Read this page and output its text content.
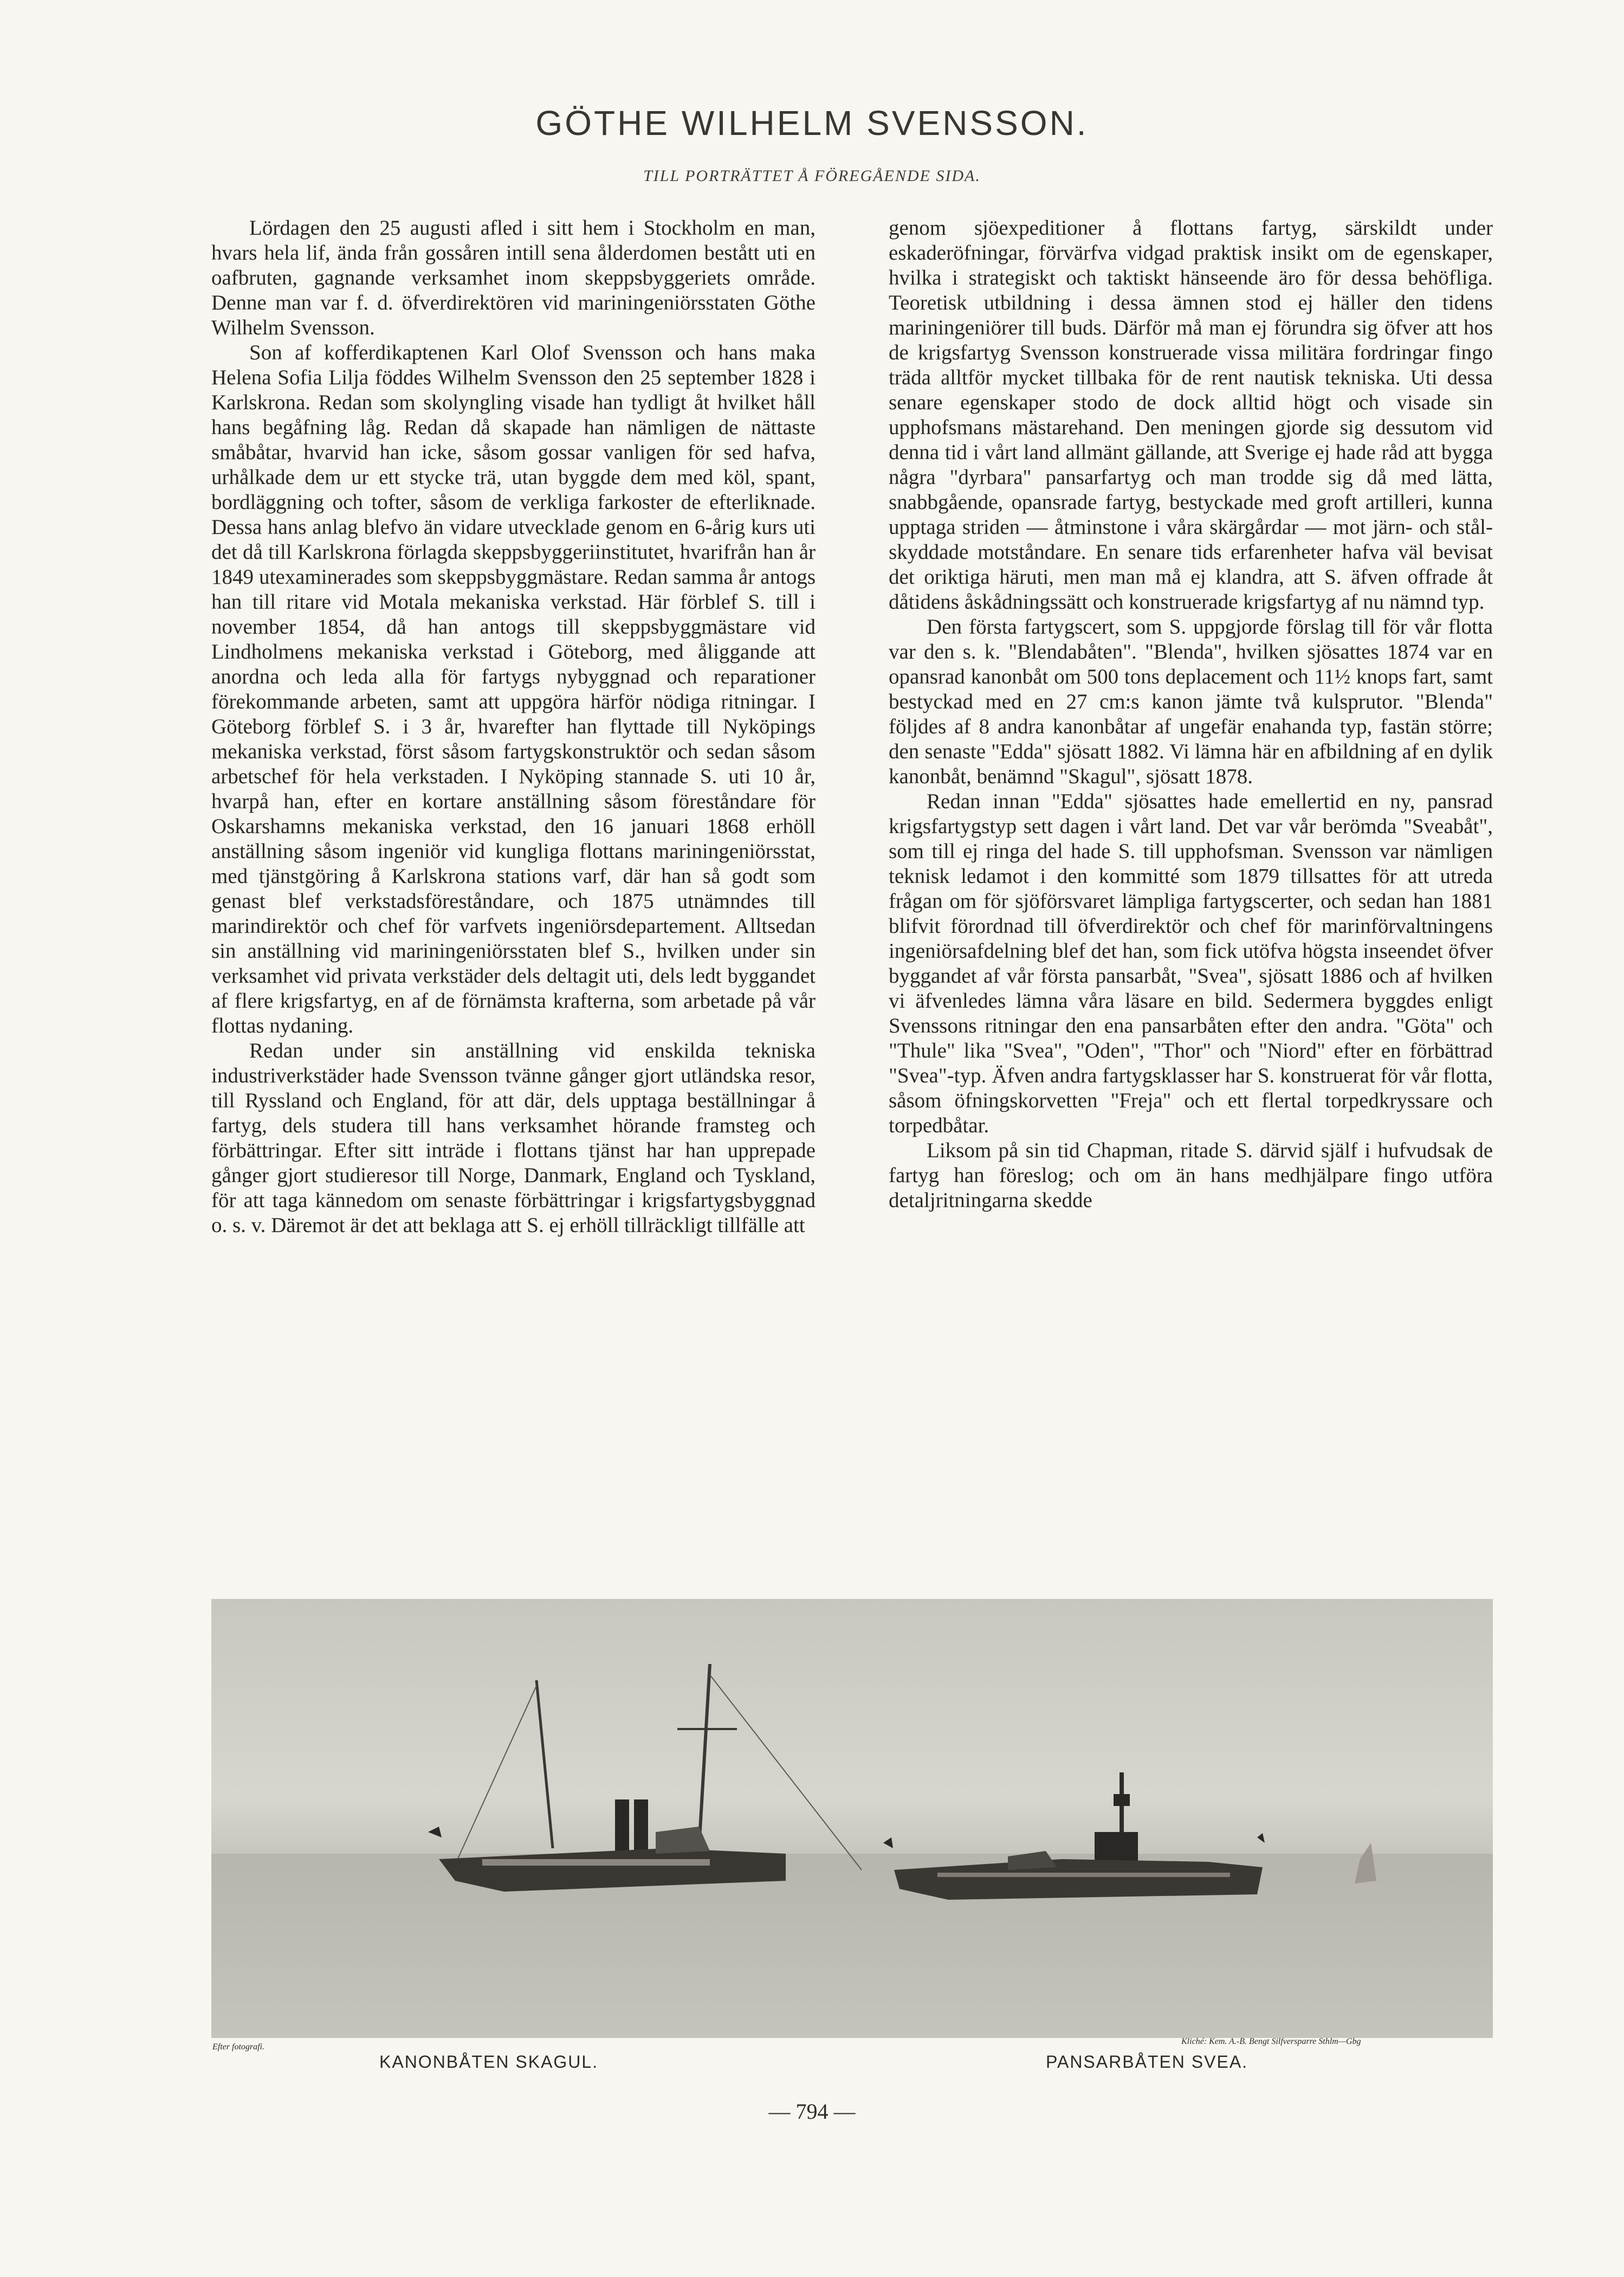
GÖTHE WILHELM SVENSSON.
TILL PORTRÄTTET Å FÖREGÅENDE SIDA.

Lördagen den 25 augusti afled i sitt hem i Stockholm en man, hvars hela lif, ända från gossåren intill sena ålderdomen bestått uti en oafbruten, gagnande verksamhet inom skeppsbyggeriets område. Denne man var f. d. öfverdirektören vid mariningeniörsstaten Göthe Wilhelm Svensson.

Son af kofferdikaptenen Karl Olof Svensson och hans maka Helena Sofia Lilja föddes Wilhelm Svensson den 25 september 1828 i Karlskrona. Redan som skolyngling visade han tydligt åt hvilket håll hans begåfning låg. Redan då skapade han nämligen de nättaste småbåtar, hvarvid han icke, såsom gossar vanligen för sed hafva, urhålkade dem ur ett stycke trä, utan byggde dem med köl, spant, bordläggning och tofter, såsom de verkliga farkoster de efterliknade. Dessa hans anlag blefvo än vidare utvecklade genom en 6-årig kurs uti det då till Karlskrona förlagda skeppsbyggeriinstitutet, hvarifrån han år 1849 utexaminerades som skeppsbyggmästare. Redan samma år antogs han till ritare vid Motala mekaniska verkstad. Här förblef S. till i november 1854, då han antogs till skeppsbyggmästare vid Lindholmens mekaniska verkstad i Göteborg, med åliggande att anordna och leda alla för fartygs nybyggnad och reparationer förekommande arbeten, samt att uppgöra härför nödiga ritningar. I Göteborg förblef S. i 3 år, hvarefter han flyttade till Nyköpings mekaniska verkstad, först såsom fartygskonstruktör och sedan såsom arbetschef för hela verkstaden. I Nyköping stannade S. uti 10 år, hvarpå han, efter en kortare anställning såsom föreståndare för Oskarshamns mekaniska verkstad, den 16 januari 1868 erhöll anställning såsom ingeniör vid kungliga flottans mariningeniörsstat, med tjänstgöring å Karlskrona stations varf, där han så godt som genast blef verkstadsföreståndare, och 1875 utnämndes till marindirektör och chef för varfvets ingeniörsdepartement. Alltsedan sin anställning vid mariningeniörsstaten blef S., hvilken under sin verksamhet vid privata verkstäder dels deltagit uti, dels ledt byggandet af flere krigsfartyg, en af de förnämsta krafterna, som arbetade på vår flottas nydaning.

Redan under sin anställning vid enskilda tekniska industriverkstäder hade Svensson tvänne gånger gjort utländska resor, till Ryssland och England, för att där, dels upptaga beställningar å fartyg, dels studera till hans verksamhet hörande framsteg och förbättringar. Efter sitt inträde i flottans tjänst har han upprepade gånger gjort studieresor till Norge, Danmark, England och Tyskland, för att taga kännedom om senaste förbättringar i krigsfartygsbyggnad o. s. v. Däremot är det att beklaga att S. ej erhöll tillräckligt tillfälle att

genom sjöexpeditioner å flottans fartyg, särskildt under eskaderöfningar, förvärfva vidgad praktisk insikt om de egenskaper, hvilka i strategiskt och taktiskt hänseende äro för dessa behöfliga. Teoretisk utbildning i dessa ämnen stod ej häller den tidens mariningeniörer till buds. Därför må man ej förundra sig öfver att hos de krigsfartyg Svensson konstruerade vissa militära fordringar fingo träda alltför mycket tillbaka för de rent nautisk tekniska. Uti dessa senare egenskaper stodo de dock alltid högt och visade sin upphofsmans mästarehand. Den meningen gjorde sig dessutom vid denna tid i vårt land allmänt gällande, att Sverige ej hade råd att bygga några "dyrbara" pansarfartyg och man trodde sig då med lätta, snabbgående, opansrade fartyg, bestyckade med groft artilleri, kunna upptaga striden — åtminstone i våra skärgårdar — mot järn- och stål-skyddade motståndare. En senare tids erfarenheter hafva väl bevisat det oriktiga häruti, men man må ej klandra, att S. äfven offrade åt dåtidens åskådningssätt och konstruerade krigsfartyg af nu nämnd typ.

Den första fartygscert, som S. uppgjorde förslag till för vår flotta var den s. k. "Blendabåten". "Blenda", hvilken sjösattes 1874 var en opansrad kanonbåt om 500 tons deplacement och 11½ knops fart, samt bestyckad med en 27 cm:s kanon jämte två kulsprutor. "Blenda" följdes af 8 andra kanonbåtar af ungefär enahanda typ, fastän större; den senaste "Edda" sjösatt 1882. Vi lämna här en afbildning af en dylik kanonbåt, benämnd "Skagul", sjösatt 1878.

Redan innan "Edda" sjösattes hade emellertid en ny, pansrad krigsfartygstyp sett dagen i vårt land. Det var vår berömda "Sveabåt", som till ej ringa del hade S. till upphofsman. Svensson var nämligen teknisk ledamot i den kommitté som 1879 tillsattes för att utreda frågan om för sjöförsvaret lämpliga fartygscerter, och sedan han 1881 blifvit förordnad till öfverdirektör och chef för marinförvaltningens ingeniörsafdelning blef det han, som fick utöfva högsta inseendet öfver byggandet af vår första pansarbåt, "Svea", sjösatt 1886 och af hvilken vi äfvenledes lämna våra läsare en bild. Sedermera byggdes enligt Svenssons ritningar den ena pansarbåten efter den andra. "Göta" och "Thule" lika "Svea", "Oden", "Thor" och "Niord" efter en förbättrad "Svea"-typ. Äfven andra fartygsklasser har S. konstruerat för vår flotta, såsom öfningskorvetten "Freja" och ett flertal torpedkryssare och torpedbåtar.

Liksom på sin tid Chapman, ritade S. därvid själf i hufvudsak de fartyg han föreslog; och om än hans medhjälpare fingo utföra detaljritningarna skedde

Efter fotografi.
Kliché: Kem. A.-B. Bengt Silfversparre Sthlm—Gbg
KANONBÅTEN SKAGUL.	PANSARBÅTEN SVEA.
— 794 —
